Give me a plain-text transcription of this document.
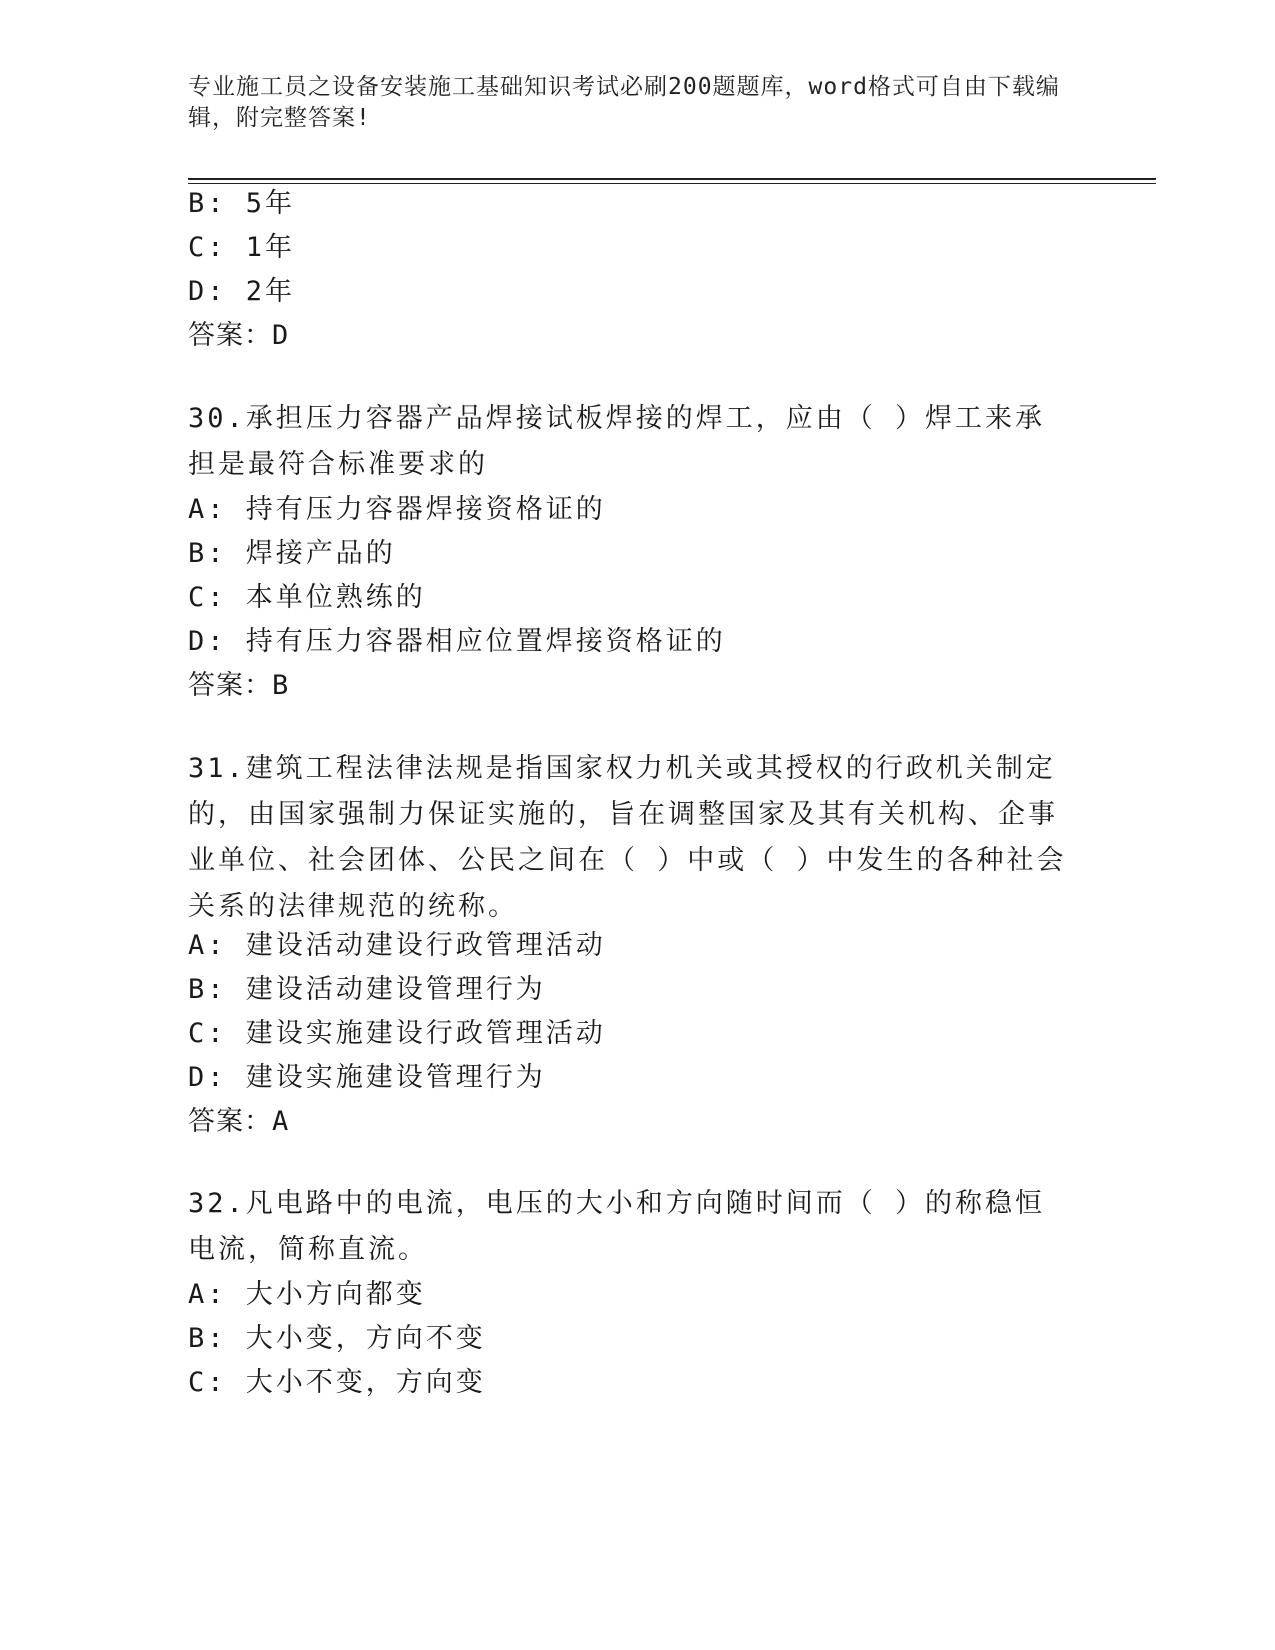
专业施工员之设备安装施工基础知识考试必刷200题题库，word格式可自由下载编辑，附完整答案!
B: 5年
C: 1年
D: 2年
答案：D
30.承担压力容器产品焊接试板焊接的焊工，应由（ ）焊工来承担是最符合标准要求的
A: 持有压力容器焊接资格证的
B: 焊接产品的
C: 本单位熟练的
D: 持有压力容器相应位置焊接资格证的
答案：B
31.建筑工程法律法规是指国家权力机关或其授权的行政机关制定的，由国家强制力保证实施的，旨在调整国家及其有关机构、企事业单位、社会团体、公民之间在（ ）中或（ ）中发生的各种社会关系的法律规范的统称。
A: 建设活动建设行政管理活动
B: 建设活动建设管理行为
C: 建设实施建设行政管理活动
D: 建设实施建设管理行为
答案：A
32.凡电路中的电流，电压的大小和方向随时间而（ ）的称稳恒电流，简称直流。
A: 大小方向都变
B: 大小变，方向不变
C: 大小不变，方向变
